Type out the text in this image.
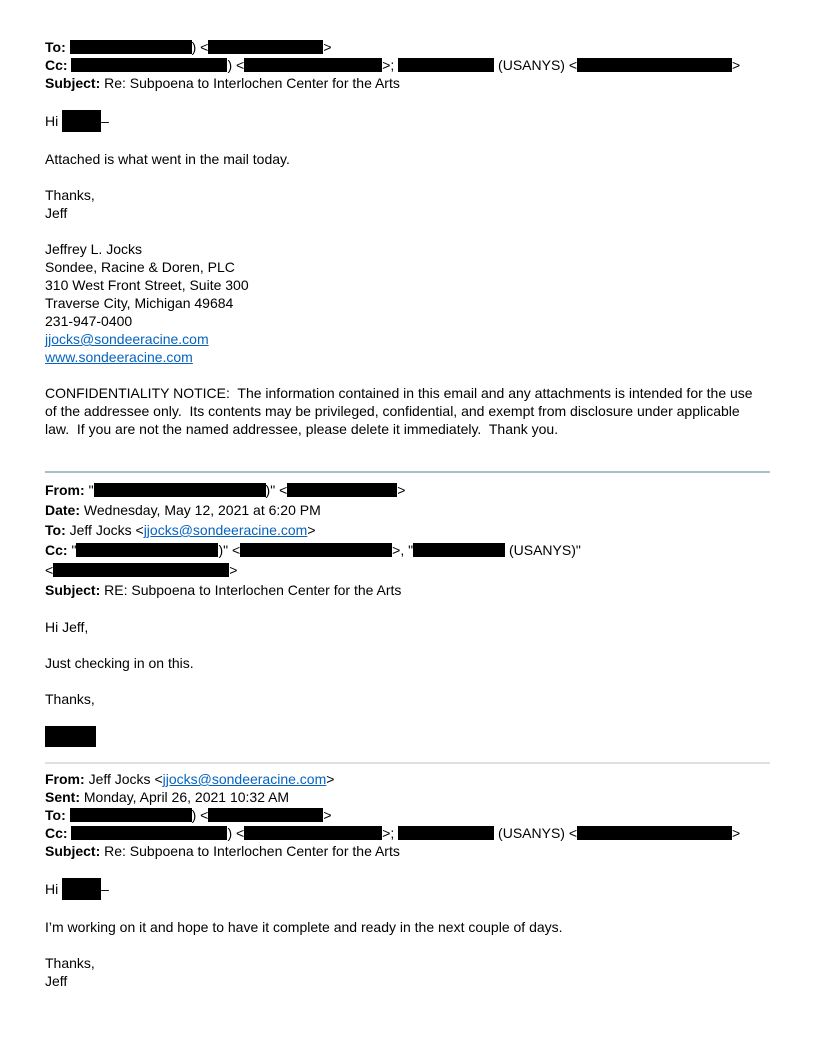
To:	) <	>
Cc:	) <	>;	(USANYS) <	>
Subject: Re: Subpoena to Interlochen Center for the Arts
Hi	–
Attached is what went in the mail today.
Thanks,
Jeff
Jeffrey L. Jocks
Sondee, Racine & Doren, PLC
310 West Front Street, Suite 300
Traverse City, Michigan 49684
231-947-0400
jjocks@sondeeracine.com
www.sondeeracine.com
CONFIDENTIALITY NOTICE:  The information contained in this email and any attachments is intended for the use of the addressee only.  Its contents may be privileged, confidential, and exempt from disclosure under applicable law.  If you are not the named addressee, please delete it immediately.  Thank you.
From: "	)" <	>
Date: Wednesday, May 12, 2021 at 6:20 PM
To: Jeff Jocks <jjocks@sondeeracine.com>
Cc: "	)" <	>, "	(USANYS)"
<	>
Subject: RE: Subpoena to Interlochen Center for the Arts
Hi Jeff,
Just checking in on this.
Thanks,
From: Jeff Jocks <jjocks@sondeeracine.com>
Sent: Monday, April 26, 2021 10:32 AM
To:	) <	>
Cc:	) <	>;	(USANYS) <	>
Subject: Re: Subpoena to Interlochen Center for the Arts
Hi	–
I’m working on it and hope to have it complete and ready in the next couple of days.
Thanks,
Jeff
